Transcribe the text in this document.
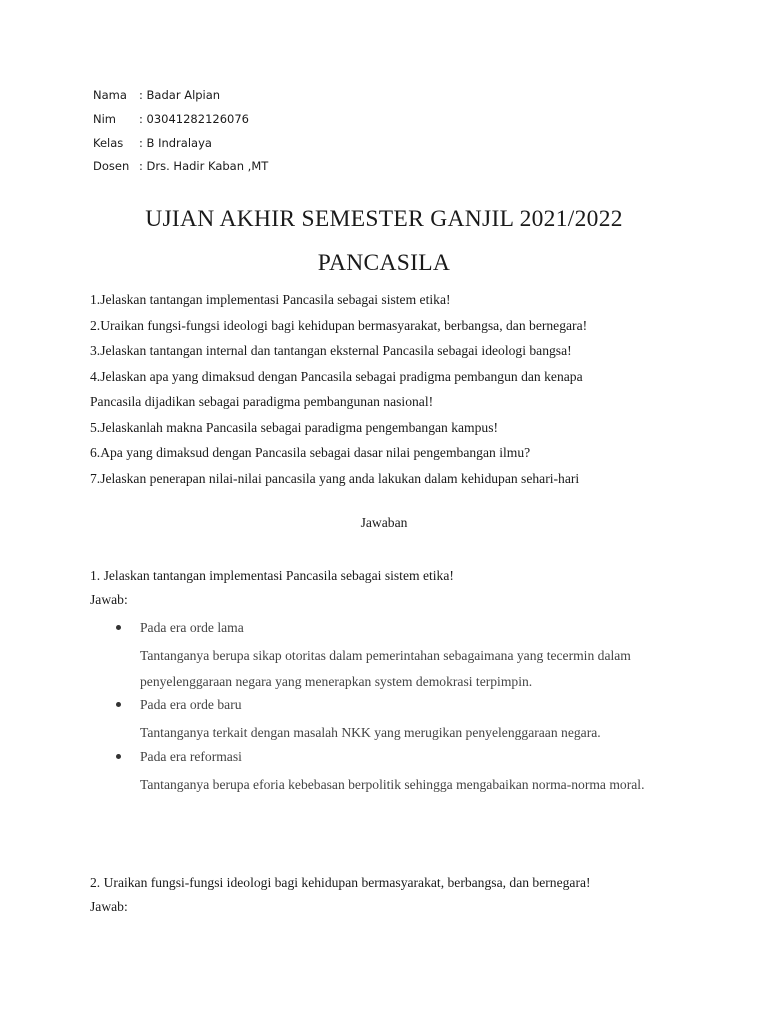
Nama : Badar Alpian
Nim : 03041282126076
Kelas : B Indralaya
Dosen : Drs. Hadir Kaban ,MT
UJIAN AKHIR SEMESTER GANJIL 2021/2022
PANCASILA
1.Jelaskan tantangan implementasi Pancasila sebagai sistem etika!
2.Uraikan fungsi-fungsi ideologi bagi kehidupan bermasyarakat, berbangsa, dan bernegara!
3.Jelaskan tantangan internal dan tantangan eksternal Pancasila sebagai ideologi bangsa!
4.Jelaskan apa yang dimaksud dengan Pancasila sebagai pradigma pembangun dan kenapa
Pancasila dijadikan sebagai paradigma pembangunan nasional!
5.Jelaskanlah makna Pancasila sebagai paradigma pengembangan kampus!
6.Apa yang dimaksud dengan Pancasila sebagai dasar nilai pengembangan ilmu?
7.Jelaskan penerapan nilai-nilai pancasila yang anda lakukan dalam kehidupan sehari-hari
Jawaban
1. Jelaskan tantangan implementasi Pancasila sebagai sistem etika!
Jawab:
Pada era orde lama
Tantanganya berupa sikap otoritas dalam pemerintahan sebagaimana yang tecermin dalam penyelenggaraan negara yang menerapkan system demokrasi terpimpin.
Pada era orde baru
Tantanganya terkait dengan masalah NKK yang merugikan penyelenggaraan negara.
Pada era reformasi
Tantanganya berupa eforia kebebasan berpolitik sehingga mengabaikan norma-norma moral.
2. Uraikan fungsi-fungsi ideologi bagi kehidupan bermasyarakat, berbangsa, dan bernegara!
Jawab:
